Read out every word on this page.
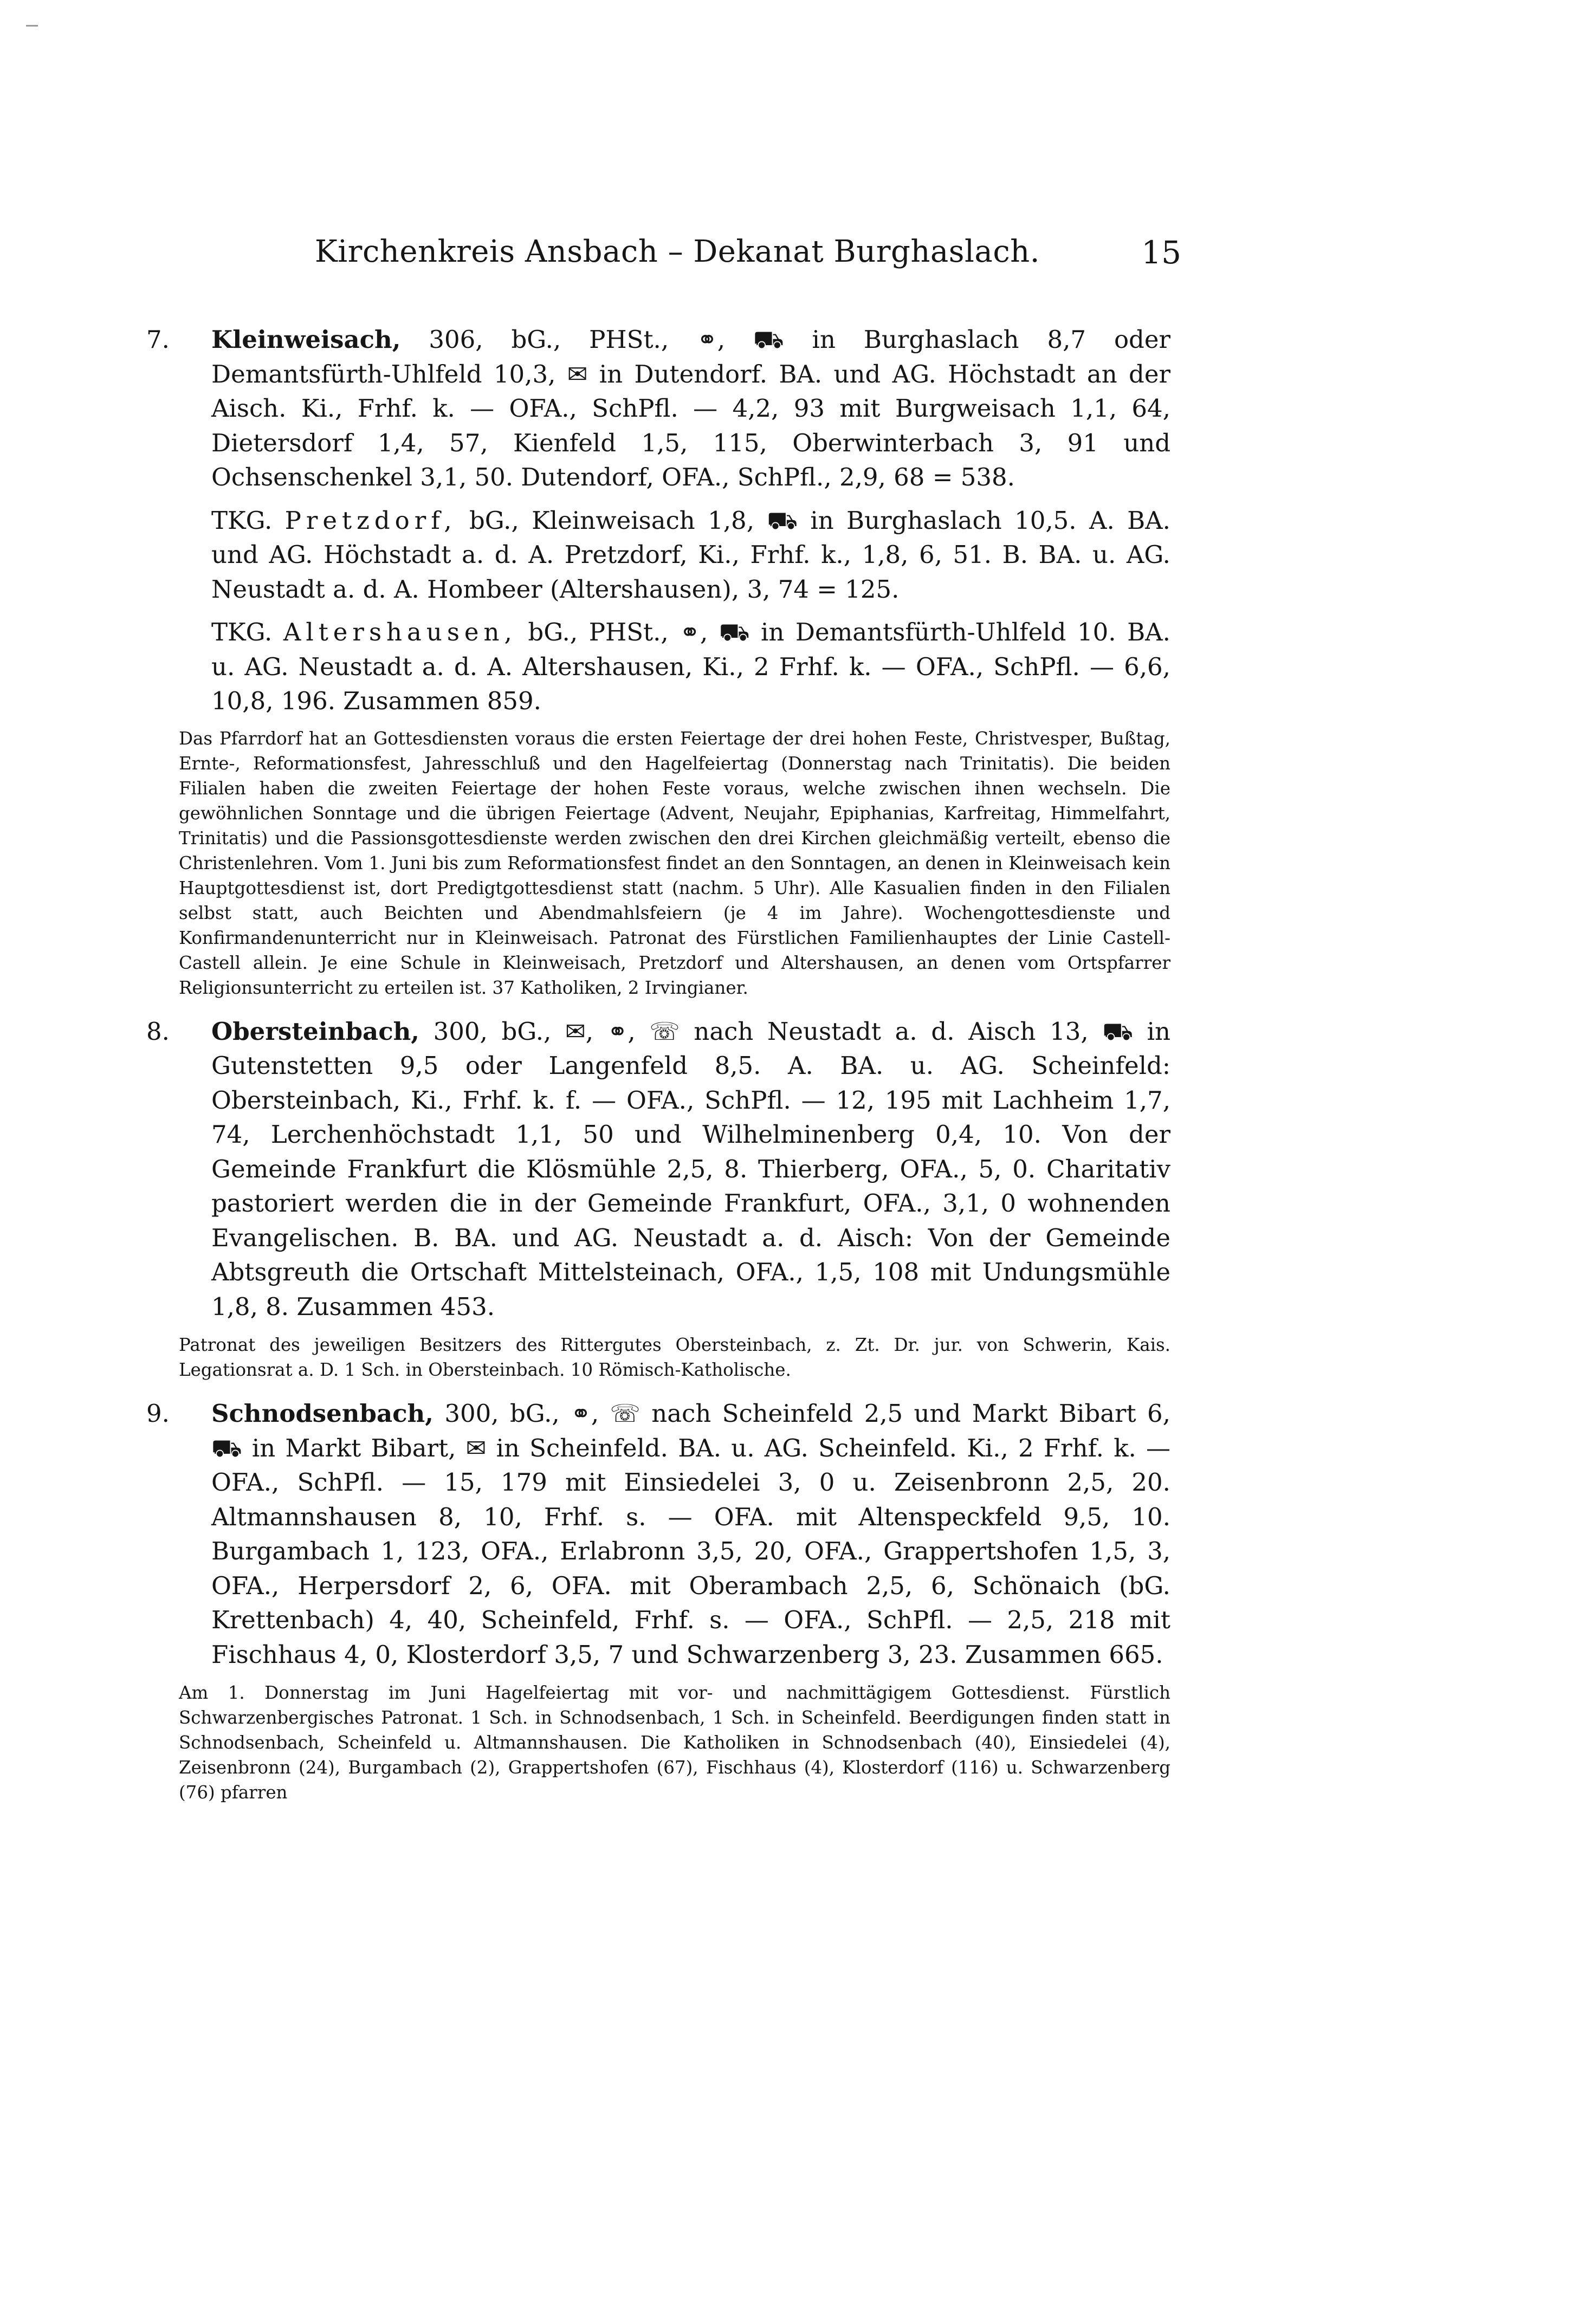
Kirchenkreis Ansbach – Dekanat Burghaslach.	15

7. Kleinweisach, 306, bG., PHSt., ⚭, ⛟ in Burghaslach 8,7 oder Demantsfürth-Uhlfeld 10,3, ✉ in Dutendorf. BA. und AG. Höchstadt an der Aisch. Ki., Frhf. k. — OFA., SchPfl. — 4,2, 93 mit Burgweisach 1,1, 64, Dietersdorf 1,4, 57, Kienfeld 1,5, 115, Oberwinterbach 3, 91 und Ochsenschenkel 3,1, 50. Dutendorf, OFA., SchPfl., 2,9, 68 = 538.

TKG. Pretzdorf, bG., Kleinweisach 1,8, ⛟ in Burghaslach 10,5. A. BA. und AG. Höchstadt a. d. A. Pretzdorf, Ki., Frhf. k., 1,8, 6, 51. B. BA. u. AG. Neustadt a. d. A. Hombeer (Altershausen), 3, 74 = 125.

TKG. Altershausen, bG., PHSt., ⚭, ⛟ in Demantsfürth-Uhlfeld 10. BA. u. AG. Neustadt a. d. A. Altershausen, Ki., 2 Frhf. k. — OFA., SchPfl. — 6,6, 10,8, 196. Zusammen 859.

Das Pfarrdorf hat an Gottesdiensten voraus die ersten Feiertage der drei hohen Feste, Christvesper, Bußtag, Ernte-, Reformationsfest, Jahresschluß und den Hagelfeiertag (Donnerstag nach Trinitatis). Die beiden Filialen haben die zweiten Feiertage der hohen Feste voraus, welche zwischen ihnen wechseln. Die gewöhnlichen Sonntage und die übrigen Feiertage (Advent, Neujahr, Epiphanias, Karfreitag, Himmelfahrt, Trinitatis) und die Passionsgottesdienste werden zwischen den drei Kirchen gleichmäßig verteilt, ebenso die Christenlehren. Vom 1. Juni bis zum Reformationsfest findet an den Sonntagen, an denen in Kleinweisach kein Hauptgottesdienst ist, dort Predigtgottesdienst statt (nachm. 5 Uhr). Alle Kasualien finden in den Filialen selbst statt, auch Beichten und Abendmahlsfeiern (je 4 im Jahre). Wochengottesdienste und Konfirmandenunterricht nur in Kleinweisach. Patronat des Fürstlichen Familienhauptes der Linie Castell-Castell allein. Je eine Schule in Kleinweisach, Pretzdorf und Altershausen, an denen vom Ortspfarrer Religionsunterricht zu erteilen ist. 37 Katholiken, 2 Irvingianer.

8. Obersteinbach, 300, bG., ✉, ⚭, ☏ nach Neustadt a. d. Aisch 13, ⛟ in Gutenstetten 9,5 oder Langenfeld 8,5. A. BA. u. AG. Scheinfeld: Obersteinbach, Ki., Frhf. k. f. — OFA., SchPfl. — 12, 195 mit Lachheim 1,7, 74, Lerchenhöchstadt 1,1, 50 und Wilhelminenberg 0,4, 10. Von der Gemeinde Frankfurt die Klösmühle 2,5, 8. Thierberg, OFA., 5, 0. Charitativ pastoriert werden die in der Gemeinde Frankfurt, OFA., 3,1, 0 wohnenden Evangelischen. B. BA. und AG. Neustadt a. d. Aisch: Von der Gemeinde Abtsgreuth die Ortschaft Mittelsteinach, OFA., 1,5, 108 mit Undungsmühle 1,8, 8. Zusammen 453.

Patronat des jeweiligen Besitzers des Rittergutes Obersteinbach, z. Zt. Dr. jur. von Schwerin, Kais. Legationsrat a. D. 1 Sch. in Obersteinbach. 10 Römisch-Katholische.

9. Schnodsenbach, 300, bG., ⚭, ☏ nach Scheinfeld 2,5 und Markt Bibart 6, ⛟ in Markt Bibart, ✉ in Scheinfeld. BA. u. AG. Scheinfeld. Ki., 2 Frhf. k. — OFA., SchPfl. — 15, 179 mit Einsiedelei 3, 0 u. Zeisenbronn 2,5, 20. Altmannshausen 8, 10, Frhf. s. — OFA. mit Altenspeckfeld 9,5, 10. Burgambach 1, 123, OFA., Erlabronn 3,5, 20, OFA., Grappertshofen 1,5, 3, OFA., Herpersdorf 2, 6, OFA. mit Oberambach 2,5, 6, Schönaich (bG. Krettenbach) 4, 40, Scheinfeld, Frhf. s. — OFA., SchPfl. — 2,5, 218 mit Fischhaus 4, 0, Klosterdorf 3,5, 7 und Schwarzenberg 3, 23. Zusammen 665.

Am 1. Donnerstag im Juni Hagelfeiertag mit vor- und nachmittägigem Gottesdienst. Fürstlich Schwarzenbergisches Patronat. 1 Sch. in Schnodsenbach, 1 Sch. in Scheinfeld. Beerdigungen finden statt in Schnodsenbach, Scheinfeld u. Altmannshausen. Die Katholiken in Schnodsenbach (40), Einsiedelei (4), Zeisenbronn (24), Burgambach (2), Grappertshofen (67), Fischhaus (4), Klosterdorf (116) u. Schwarzenberg (76) pfarren
